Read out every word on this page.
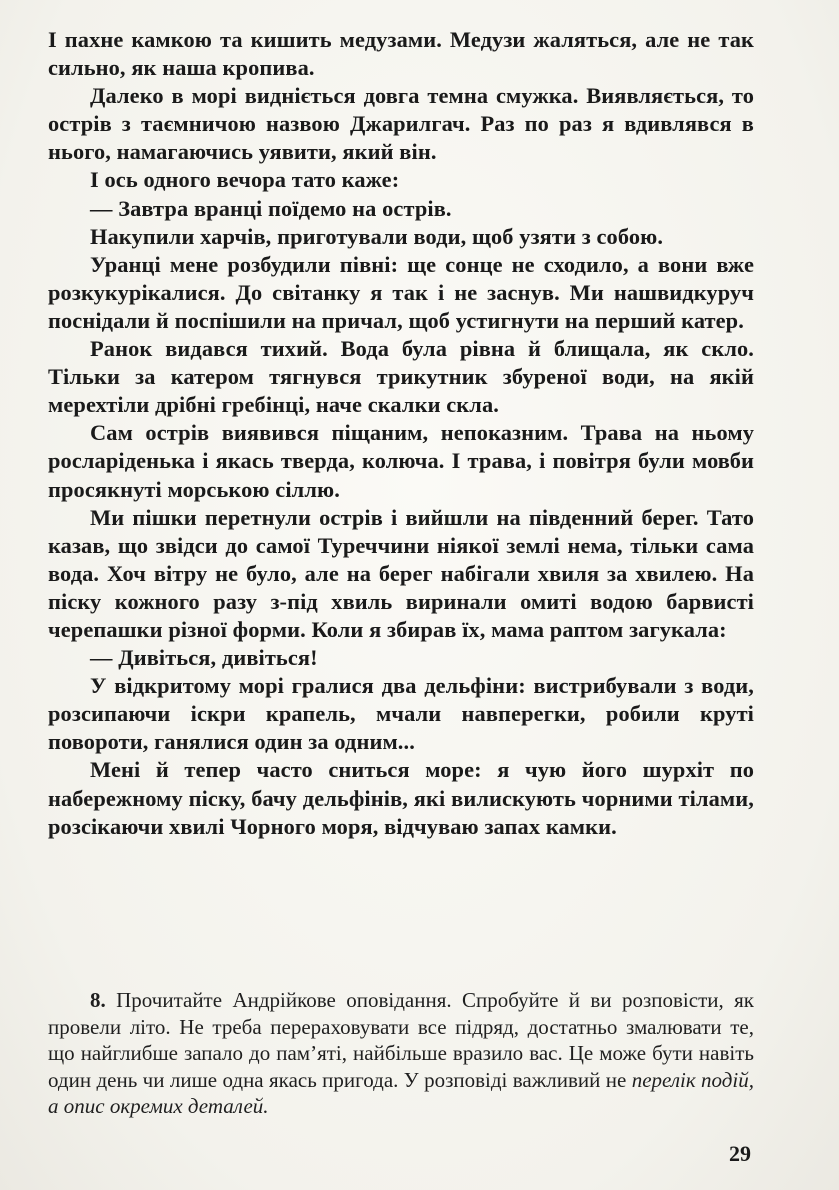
І пахне камкою та кишить медузами. Медузи жаляться, але не так сильно, як наша кропива.

Далеко в морі видніється довга темна смужка. Виявляється, то острів з таємничою назвою Джарилгач. Раз по раз я вдивлявся в нього, намагаючись уявити, який він.

І ось одного вечора тато каже:

— Завтра вранці поїдемо на острів.

Накупили харчів, приготували води, щоб узяти з собою.

Уранці мене розбудили півні: ще сонце не сходило, а вони вже розкукурікалися. До світанку я так і не заснув. Ми нашвидкуруч поснідали й поспішили на причал, щоб устигнути на перший катер.

Ранок видався тихий. Вода була рівна й блищала, як скло. Тільки за катером тягнувся трикутник збуреної води, на якій мерехтіли дрібні гребінці, наче скалки скла.

Сам острів виявився піщаним, непоказним. Трава на ньому росларіденька і якась тверда, колюча. І трава, і повітря були мовби просякнуті морською сіллю.

Ми пішки перетнули острів і вийшли на південний берег. Тато казав, що звідси до самої Туреччини ніякої землі нема, тільки сама вода. Хоч вітру не було, але на берег набігали хвиля за хвилею. На піску кожного разу з-під хвиль виринали омиті водою барвисті черепашки різної форми. Коли я збирав їх, мама раптом загукала:

— Дивіться, дивіться!

У відкритому морі гралися два дельфіни: вистрибували з води, розсипаючи іскри крапель, мчали навперегки, робили круті повороти, ганялися один за одним...

Мені й тепер часто сниться море: я чую його шурхіт по набережному піску, бачу дельфінів, які вилискують чорними тілами, розсікаючи хвилі Чорного моря, відчуваю запах камки.

8. Прочитайте Андрійкове оповідання. Спробуйте й ви розповісти, як провели літо. Не треба перераховувати все підряд, достатньо змалювати те, що найглибше запало до пам’яті, найбільше вразило вас. Це може бути навіть один день чи лише одна якась пригода. У розповіді важливий не перелік подій, а опис окремих деталей.

29
